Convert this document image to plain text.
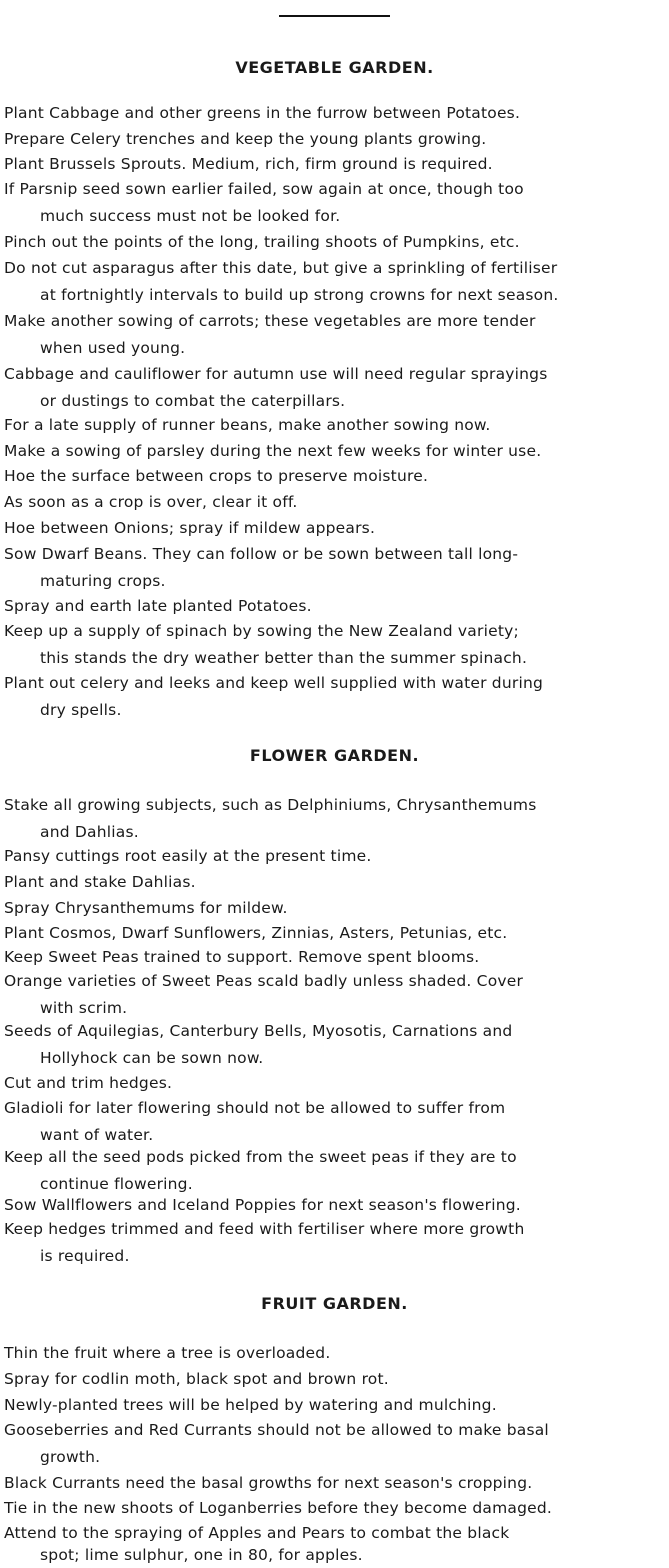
VEGETABLE GARDEN.
Plant Cabbage and other greens in the furrow between Potatoes.
Prepare Celery trenches and keep the young plants growing.
Plant Brussels Sprouts. Medium, rich, firm ground is required.
If Parsnip seed sown earlier failed, sow again at once, though too
much success must not be looked for.
Pinch out the points of the long, trailing shoots of Pumpkins, etc.
Do not cut asparagus after this date, but give a sprinkling of fertiliser
at fortnightly intervals to build up strong crowns for next season.
Make another sowing of carrots; these vegetables are more tender
when used young.
Cabbage and cauliflower for autumn use will need regular sprayings
or dustings to combat the caterpillars.
For a late supply of runner beans, make another sowing now.
Make a sowing of parsley during the next few weeks for winter use.
Hoe the surface between crops to preserve moisture.
As soon as a crop is over, clear it off.
Hoe between Onions; spray if mildew appears.
Sow Dwarf Beans. They can follow or be sown between tall long-
maturing crops.
Spray and earth late planted Potatoes.
Keep up a supply of spinach by sowing the New Zealand variety;
this stands the dry weather better than the summer spinach.
Plant out celery and leeks and keep well supplied with water during
dry spells.
FLOWER GARDEN.
Stake all growing subjects, such as Delphiniums, Chrysanthemums
and Dahlias.
Pansy cuttings root easily at the present time.
Plant and stake Dahlias.
Spray Chrysanthemums for mildew.
Plant Cosmos, Dwarf Sunflowers, Zinnias, Asters, Petunias, etc.
Keep Sweet Peas trained to support. Remove spent blooms.
Orange varieties of Sweet Peas scald badly unless shaded. Cover
with scrim.
Seeds of Aquilegias, Canterbury Bells, Myosotis, Carnations and
Hollyhock can be sown now.
Cut and trim hedges.
Gladioli for later flowering should not be allowed to suffer from
want of water.
Keep all the seed pods picked from the sweet peas if they are to
continue flowering.
Sow Wallflowers and Iceland Poppies for next season's flowering.
Keep hedges trimmed and feed with fertiliser where more growth
is required.
FRUIT GARDEN.
Thin the fruit where a tree is overloaded.
Spray for codlin moth, black spot and brown rot.
Newly-planted trees will be helped by watering and mulching.
Gooseberries and Red Currants should not be allowed to make basal
growth.
Black Currants need the basal growths for next season's cropping.
Tie in the new shoots of Loganberries before they become damaged.
Attend to the spraying of Apples and Pears to combat the black
spot; lime sulphur, one in 80, for apples.
